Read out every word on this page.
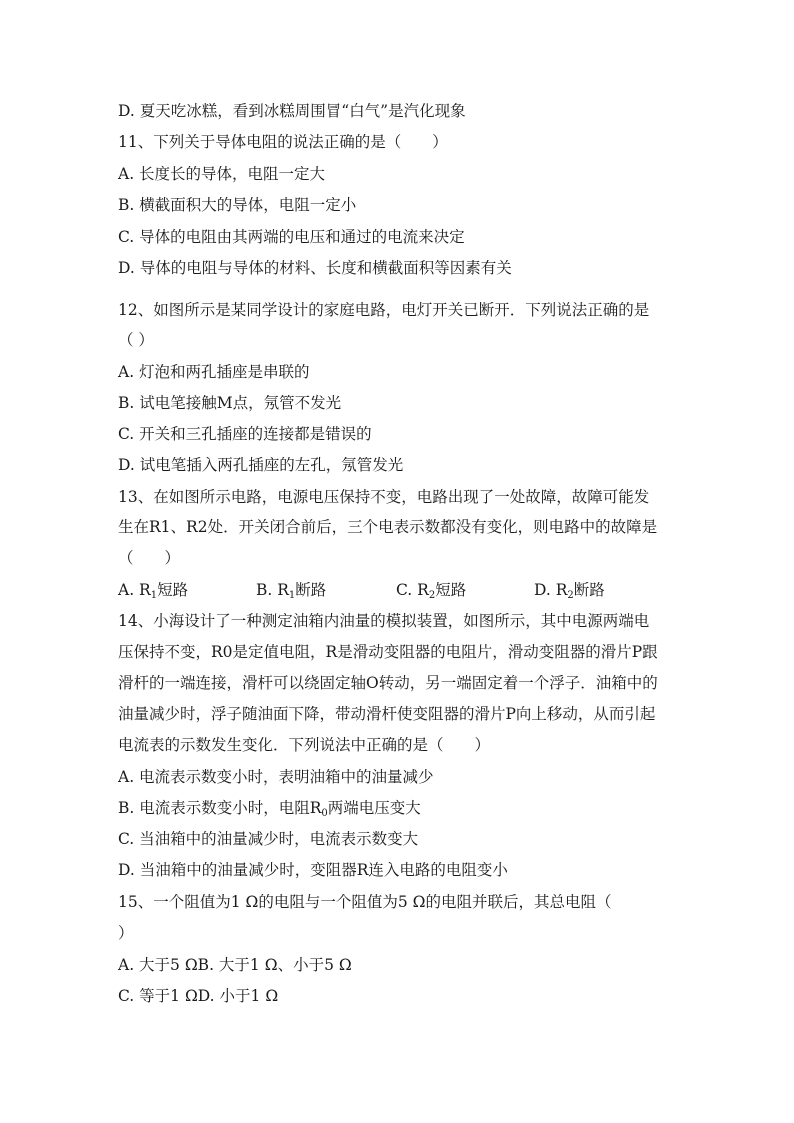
D. 夏天吃冰糕，看到冰糕周围冒“白气”是汽化现象
11、下列关于导体电阻的说法正确的是（　　）
A. 长度长的导体，电阻一定大
B. 横截面积大的导体，电阻一定小
C. 导体的电阻由其两端的电压和通过的电流来决定
D. 导体的电阻与导体的材料、长度和横截面积等因素有关
12、如图所示是某同学设计的家庭电路，电灯开关已断开．下列说法正确的是
（ ）
A. 灯泡和两孔插座是串联的
B. 试电笔接触M点，氖管不发光
C. 开关和三孔插座的连接都是错误的
D. 试电笔插入两孔插座的左孔，氖管发光
13、在如图所示电路，电源电压保持不变，电路出现了一处故障，故障可能发
生在R1、R2处．开关闭合前后，三个电表示数都没有变化，则电路中的故障是
（　　）
A. $R_1$短路	B. $R_1$断路	C. $R_2$短路	D. $R_2$断路
14、小海设计了一种测定油箱内油量的模拟装置，如图所示，其中电源两端电
压保持不变，R0是定值电阻，R是滑动变阻器的电阻片，滑动变阻器的滑片P跟
滑杆的一端连接，滑杆可以绕固定轴O转动，另一端固定着一个浮子．油箱中的
油量减少时，浮子随油面下降，带动滑杆使变阻器的滑片P向上移动，从而引起
电流表的示数发生变化．下列说法中正确的是（　　）
A. 电流表示数变小时，表明油箱中的油量减少
B. 电流表示数变小时，电阻$R_0$两端电压变大
C. 当油箱中的油量减少时，电流表示数变大
D. 当油箱中的油量减少时，变阻器R连入电路的电阻变小
15、一个阻值为1 Ω的电阻与一个阻值为5 Ω的电阻并联后，其总电阻（
）
A. 大于5 ΩB. 大于1 Ω、小于5 Ω
C. 等于1 ΩD. 小于1 Ω
